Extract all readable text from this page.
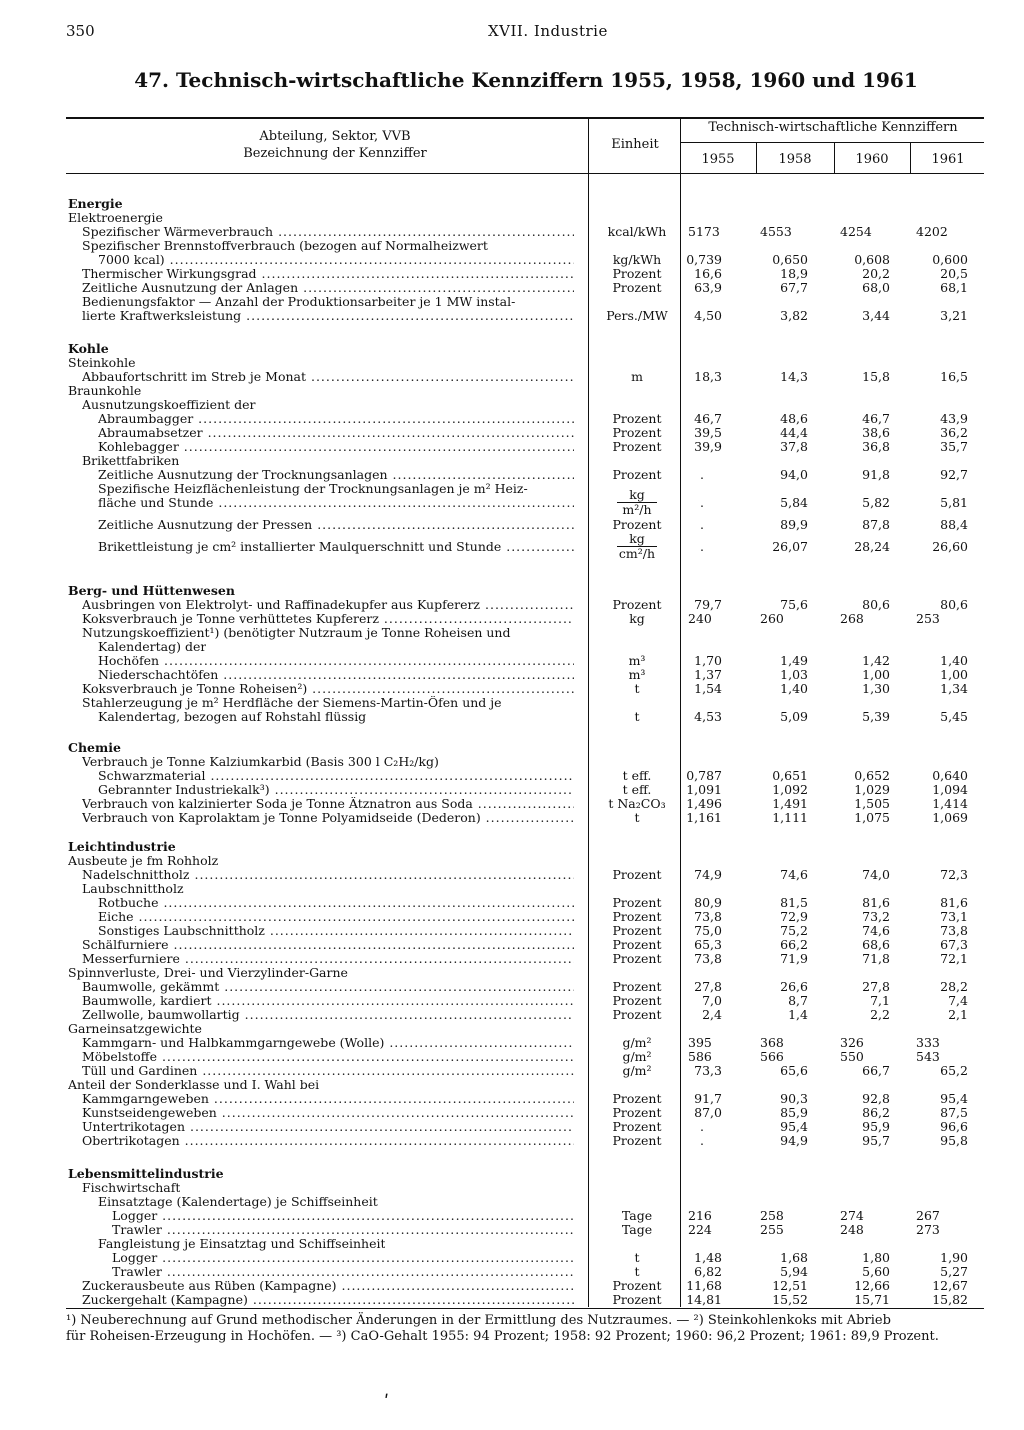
350	XVII. Industrie
47. Technisch-wirtschaftliche Kennziffern 1955, 1958, 1960 und 1961
Abteilung, Sektor, VVB
Bezeichnung der Kennziffer
Einheit
Technisch-wirtschaftliche Kennziffern
1955	1958	1960	1961
Energie
Elektroenergie
Spezifischer Wärmeverbrauch .....	kcal/kWh	5173	4553	4254	4202
Spezifischer Brennstoffverbrauch (bezogen auf Normalheizwert
7000 kcal) .....	kg/kWh	0,739	0,650	0,608	0,600
Thermischer Wirkungsgrad .....	Prozent	16,6	18,9	20,2	20,5
Zeitliche Ausnutzung der Anlagen .....	Prozent	63,9	67,7	68,0	68,1
Bedienungsfaktor — Anzahl der Produktionsarbeiter je 1 MW instal-
lierte Kraftwerksleistung .....	Pers./MW	4,50	3,82	3,44	3,21
Kohle
Steinkohle
Abbaufortschritt im Streb je Monat .....	m	18,3	14,3	15,8	16,5
Braunkohle
Ausnutzungskoeffizient der
Abraumbagger .....	Prozent	46,7	48,6	46,7	43,9
Abraumabsetzer .....	Prozent	39,5	44,4	38,6	36,2
Kohlebagger .....	Prozent	39,9	37,8	36,8	35,7
Brikettfabriken
Zeitliche Ausnutzung der Trocknungsanlagen .....	Prozent	.	94,0	91,8	92,7
Spezifische Heizflächenleistung der Trocknungsanlagen je m² Heiz-
fläche und Stunde .....	$\frac{kg}{\text{m²/h}}$	.	5,84	5,82	5,81
Zeitliche Ausnutzung der Pressen .....	Prozent	.	89,9	87,8	88,4
Brikettleistung je cm² installierter Maulquerschnitt und Stunde .....	$\frac{kg}{\text{cm²/h}}$	.	26,07	28,24	26,60
Berg- und Hüttenwesen
Ausbringen von Elektrolyt- und Raffinadekupfer aus Kupfererz .....	Prozent	79,7	75,6	80,6	80,6
Koksverbrauch je Tonne verhüttetes Kupfererz .....	kg	240	260	268	253
Nutzungskoeffizient¹) (benötigter Nutzraum je Tonne Roheisen und
Kalendertag) der
Hochöfen .....	m³	1,70	1,49	1,42	1,40
Niederschachtöfen .....	m³	1,37	1,03	1,00	1,00
Koksverbrauch je Tonne Roheisen²) .....	t	1,54	1,40	1,30	1,34
Stahlerzeugung je m² Herdfläche der Siemens-Martin-Öfen und je
Kalendertag, bezogen auf Rohstahl flüssig	t	4,53	5,09	5,39	5,45
Chemie
Verbrauch je Tonne Kalziumkarbid (Basis 300 l C₂H₂/kg)
Schwarzmaterial .....	t eff.	0,787	0,651	0,652	0,640
Gebrannter Industriekalk³) .....	t eff.	1,091	1,092	1,029	1,094
Verbrauch von kalzinierter Soda je Tonne Ätznatron aus Soda .....	t Na₂CO₃	1,496	1,491	1,505	1,414
Verbrauch von Kaprolaktam je Tonne Polyamidseide (Dederon) .....	t	1,161	1,111	1,075	1,069
Leichtindustrie
Ausbeute je fm Rohholz
Nadelschnittholz .....	Prozent	74,9	74,6	74,0	72,3
Laubschnittholz
Rotbuche .....	Prozent	80,9	81,5	81,6	81,6
Eiche .....	Prozent	73,8	72,9	73,2	73,1
Sonstiges Laubschnittholz .....	Prozent	75,0	75,2	74,6	73,8
Schälfurniere .....	Prozent	65,3	66,2	68,6	67,3
Messerfurniere .....	Prozent	73,8	71,9	71,8	72,1
Spinnverluste, Drei- und Vierzylinder-Garne
Baumwolle, gekämmt .....	Prozent	27,8	26,6	27,8	28,2
Baumwolle, kardiert .....	Prozent	7,0	8,7	7,1	7,4
Zellwolle, baumwollartig .....	Prozent	2,4	1,4	2,2	2,1
Garneinsatzgewichte
Kammgarn- und Halbkammgarngewebe (Wolle) .....	g/m²	395	368	326	333
Möbelstoffe .....	g/m²	586	566	550	543
Tüll und Gardinen .....	g/m²	73,3	65,6	66,7	65,2
Anteil der Sonderklasse und I. Wahl bei
Kammgarngeweben .....	Prozent	91,7	90,3	92,8	95,4
Kunstseidengeweben .....	Prozent	87,0	85,9	86,2	87,5
Untertrikotagen .....	Prozent	.	95,4	95,9	96,6
Obertrikotagen .....	Prozent	.	94,9	95,7	95,8
Lebensmittelindustrie
Fischwirtschaft
Einsatztage (Kalendertage) je Schiffseinheit
Logger .....	Tage	216	258	274	267
Trawler .....	Tage	224	255	248	273
Fangleistung je Einsatztag und Schiffseinheit
Logger .....	t	1,48	1,68	1,80	1,90
Trawler .....	t	6,82	5,94	5,60	5,27
Zuckerausbeute aus Rüben (Kampagne) .....	Prozent	11,68	12,51	12,66	12,67
Zuckergehalt (Kampagne) .....	Prozent	14,81	15,52	15,71	15,82
¹) Neuberechnung auf Grund methodischer Änderungen in der Ermittlung des Nutzraumes. — ²) Steinkohlenkoks mit Abrieb
für Roheisen-Erzeugung in Hochöfen. — ³) CaO-Gehalt 1955: 94 Prozent; 1958: 92 Prozent; 1960: 96,2 Prozent; 1961: 89,9 Prozent.
ʹ
